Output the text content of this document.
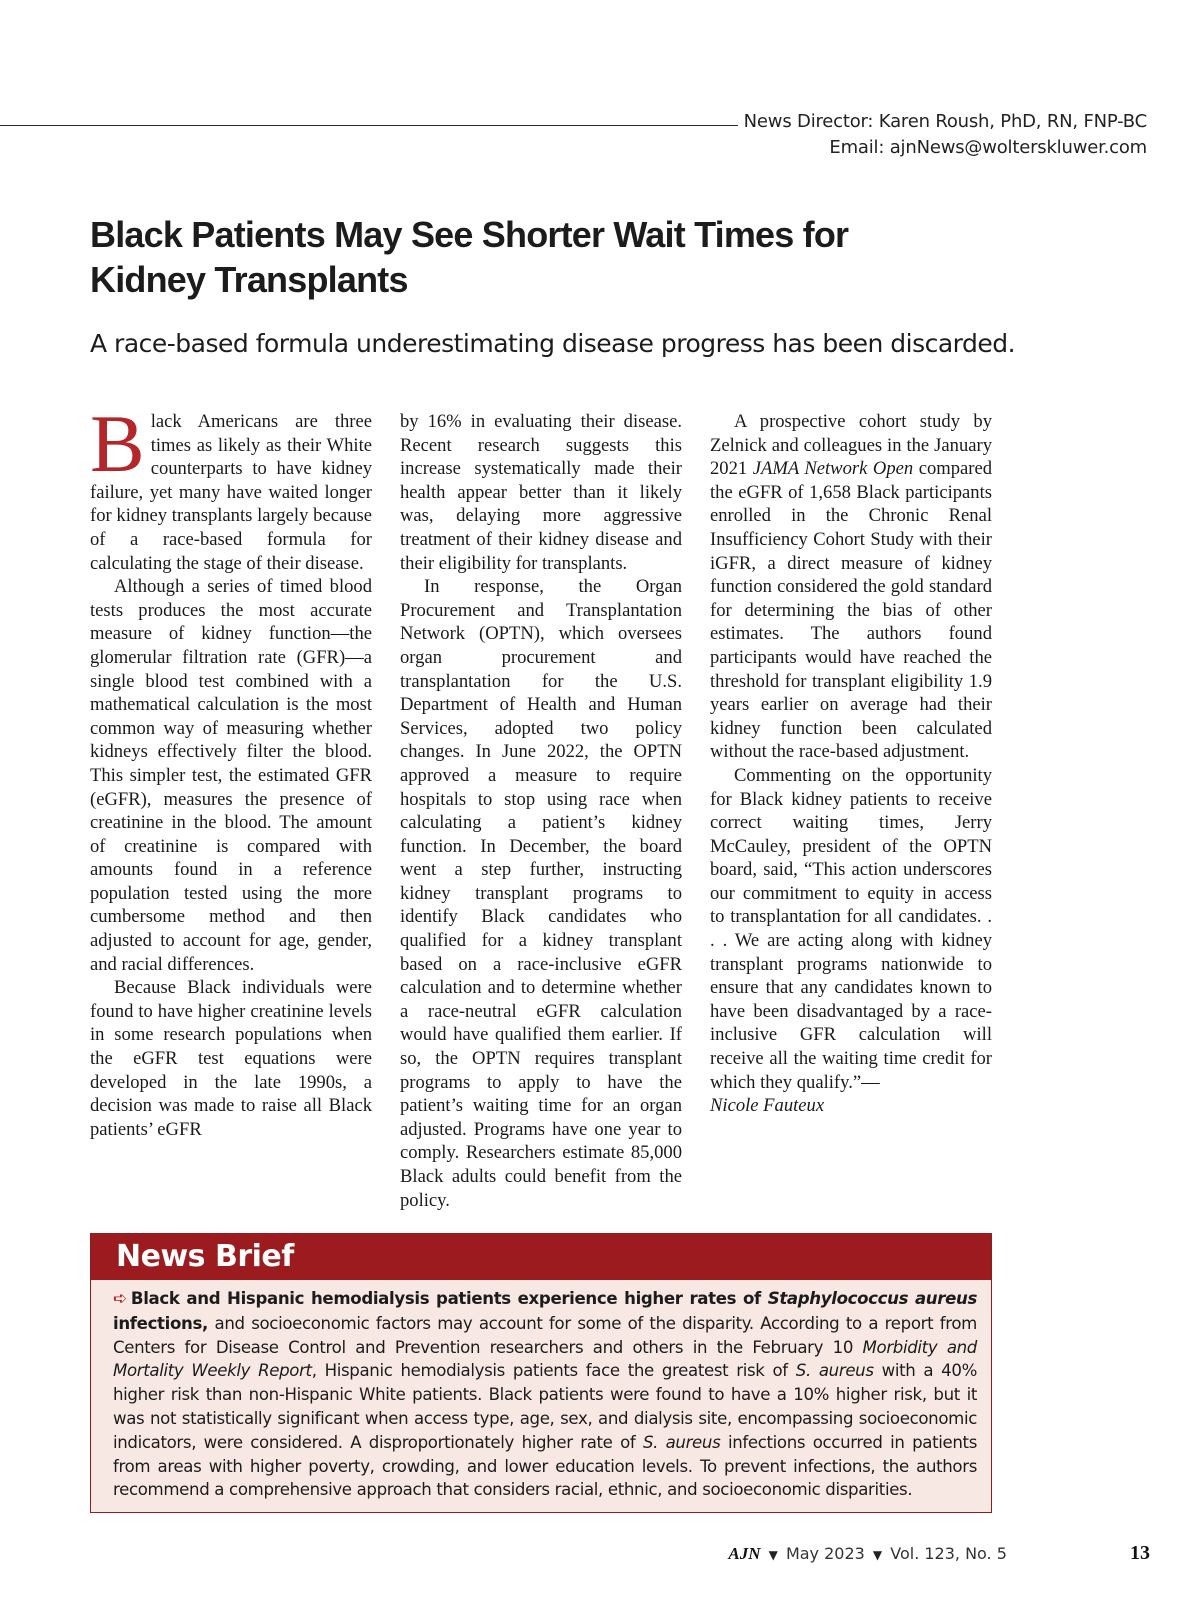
News Director: Karen Roush, PhD, RN, FNP-BC
Email: ajnNews@wolterskluwer.com
Black Patients May See Shorter Wait Times for
Kidney Transplants

A race-based formula underestimating disease progress has been discarded.

Black Americans are three times as likely as their White counterparts to have kidney failure, yet many have waited longer for kidney transplants largely because of a race-based formula for calculating the stage of their disease.

Although a series of timed blood tests produces the most accurate measure of kidney function—the glomerular filtration rate (GFR)—a single blood test combined with a mathematical calculation is the most common way of measuring whether kidneys effectively filter the blood. This simpler test, the estimated GFR (eGFR), measures the presence of creatinine in the blood. The amount of creatinine is compared with amounts found in a reference population tested using the more cumbersome method and then adjusted to account for age, gender, and racial differences.

Because Black individuals were found to have higher creatinine levels in some research populations when the eGFR test equations were developed in the late 1990s, a decision was made to raise all Black patients’ eGFR

by 16% in evaluating their disease. Recent research suggests this increase systematically made their health appear better than it likely was, delaying more aggressive treatment of their kidney disease and their eligibility for transplants.

In response, the Organ Procurement and Transplantation Network (OPTN), which oversees organ procurement and transplantation for the U.S. Department of Health and Human Services, adopted two policy changes. In June 2022, the OPTN approved a measure to require hospitals to stop using race when calculating a patient’s kidney function. In December, the board went a step further, instructing kidney transplant programs to identify Black candidates who qualified for a kidney transplant based on a race-inclusive eGFR calculation and to determine whether a race-neutral eGFR calculation would have qualified them earlier. If so, the OPTN requires transplant programs to apply to have the patient’s waiting time for an organ adjusted. Programs have one year to comply. Researchers estimate 85,000 Black adults could benefit from the policy.

A prospective cohort study by Zelnick and colleagues in the January 2021 JAMA Network Open compared the eGFR of 1,658 Black participants enrolled in the Chronic Renal Insufficiency Cohort Study with their iGFR, a direct measure of kidney function considered the gold standard for determining the bias of other estimates. The authors found participants would have reached the threshold for transplant eligibility 1.9 years earlier on average had their kidney function been calculated without the race-based adjustment.

Commenting on the opportunity for Black kidney patients to receive correct waiting times, Jerry McCauley, president of the OPTN board, said, “This action underscores our commitment to equity in access to transplantation for all candidates. . . . We are acting along with kidney transplant programs nationwide to ensure that any candidates known to have been disadvantaged by a race-inclusive GFR calculation will receive all the waiting time credit for which they qualify.”—
Nicole Fauteux

News Brief
➪ Black and Hispanic hemodialysis patients experience higher rates of Staphylococcus aureus infections, and socioeconomic factors may account for some of the disparity. According to a report from Centers for Disease Control and Prevention researchers and others in the February 10 Morbidity and Mortality Weekly Report, Hispanic hemodialysis patients face the greatest risk of S. aureus with a 40% higher risk than non-Hispanic White patients. Black patients were found to have a 10% higher risk, but it was not statistically significant when access type, age, sex, and dialysis site, encompassing socioeconomic indicators, were considered. A disproportionately higher rate of S. aureus infections occurred in patients from areas with higher poverty, crowding, and lower education levels. To prevent infections, the authors recommend a comprehensive approach that considers racial, ethnic, and socioeconomic disparities.
AJN ▼ May 2023 ▼ Vol. 123, No. 5	13
